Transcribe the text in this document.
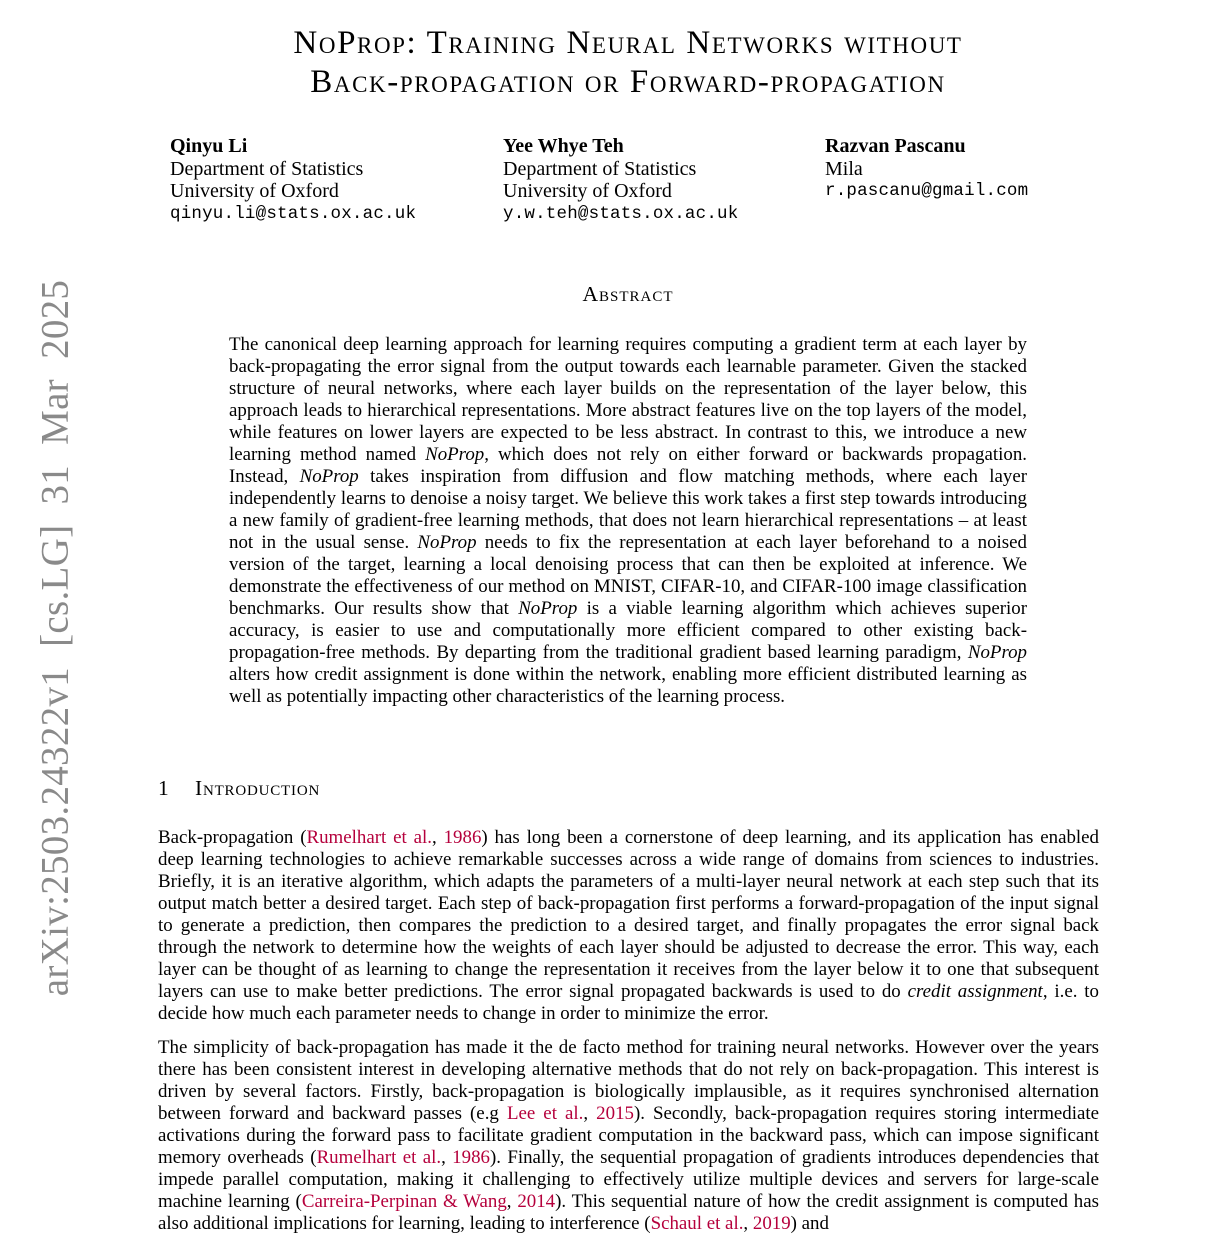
arXiv:2503.24322v1 [cs.LG] 31 Mar 2025
NoProp: Training Neural Networks without
Back-propagation or Forward-propagation
Qinyu Li
Department of Statistics
University of Oxford
qinyu.li@stats.ox.ac.uk
Yee Whye Teh
Department of Statistics
University of Oxford
y.w.teh@stats.ox.ac.uk
Razvan Pascanu
Mila
r.pascanu@gmail.com
Abstract

The canonical deep learning approach for learning requires computing a gradient term at each layer by back-propagating the error signal from the output towards each learnable parameter. Given the stacked structure of neural networks, where each layer builds on the representation of the layer below, this approach leads to hierarchical representations. More abstract features live on the top layers of the model, while features on lower layers are expected to be less abstract. In contrast to this, we introduce a new learning method named NoProp, which does not rely on either forward or backwards propagation. Instead, NoProp takes inspiration from diffusion and flow matching methods, where each layer independently learns to denoise a noisy target. We believe this work takes a first step towards introducing a new family of gradient-free learning methods, that does not learn hierarchical representations – at least not in the usual sense. NoProp needs to fix the representation at each layer beforehand to a noised version of the target, learning a local denoising process that can then be exploited at inference. We demonstrate the effectiveness of our method on MNIST, CIFAR-10, and CIFAR-100 image classification benchmarks. Our results show that NoProp is a viable learning algorithm which achieves superior accuracy, is easier to use and computationally more efficient compared to other existing back-propagation-free methods. By departing from the traditional gradient based learning paradigm, NoProp alters how credit assignment is done within the network, enabling more efficient distributed learning as well as potentially impacting other characteristics of the learning process.

1 Introduction

Back-propagation (Rumelhart et al., 1986) has long been a cornerstone of deep learning, and its application has enabled deep learning technologies to achieve remarkable successes across a wide range of domains from sciences to industries. Briefly, it is an iterative algorithm, which adapts the parameters of a multi-layer neural network at each step such that its output match better a desired target. Each step of back-propagation first performs a forward-propagation of the input signal to generate a prediction, then compares the prediction to a desired target, and finally propagates the error signal back through the network to determine how the weights of each layer should be adjusted to decrease the error. This way, each layer can be thought of as learning to change the representation it receives from the layer below it to one that subsequent layers can use to make better predictions. The error signal propagated backwards is used to do credit assignment, i.e. to decide how much each parameter needs to change in order to minimize the error.

The simplicity of back-propagation has made it the de facto method for training neural networks. However over the years there has been consistent interest in developing alternative methods that do not rely on back-propagation. This interest is driven by several factors. Firstly, back-propagation is biologically implausible, as it requires synchronised alternation between forward and backward passes (e.g Lee et al., 2015). Secondly, back-propagation requires storing intermediate activations during the forward pass to facilitate gradient computation in the backward pass, which can impose significant memory overheads (Rumelhart et al., 1986). Finally, the sequential propagation of gradients introduces dependencies that impede parallel computation, making it challenging to effectively utilize multiple devices and servers for large-scale machine learning (Carreira-Perpinan & Wang, 2014). This sequential nature of how the credit assignment is computed has also additional implications for learning, leading to interference (Schaul et al., 2019) and
